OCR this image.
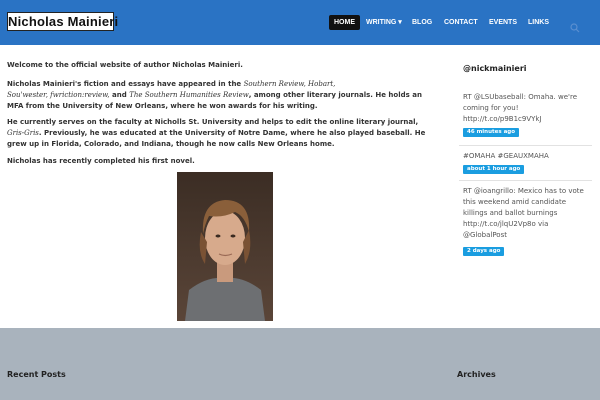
Nicholas Mainieri	HOME	WRITING ▾ BLOG CONTACT EVENTS LINKS
Welcome to the official website of author Nicholas Mainieri.
Nicholas Mainieri's fiction and essays have appeared in the Southern Review, Hobart,
Sou'wester, fwriction:review, and The Southern Humanities Review, among other literary journals. He holds an MFA from the University of New Orleans, where he won awards for his writing.
He currently serves on the faculty at Nicholls St. University and helps to edit the online literary journal, Gris-Gris. Previously, he was educated at the University of Notre Dame, where he also played baseball. He grew up in Florida, Colorado, and Indiana, though he now calls New Orleans home.
Nicholas has recently completed his first novel.
@nickmainieri
RT @LSUbaseball: Omaha. we're coming for you! http://t.co/p9B1c9VYkJ
46 minutes ago
#OMAHA #GEAUXMAHA
about 1 hour ago
RT @ioangrillo: Mexico has to vote this weekend amid candidate killings and ballot burnings http://t.co/jlqU2Vp8o via @GlobalPost
2 days ago
Recent Posts	Archives
